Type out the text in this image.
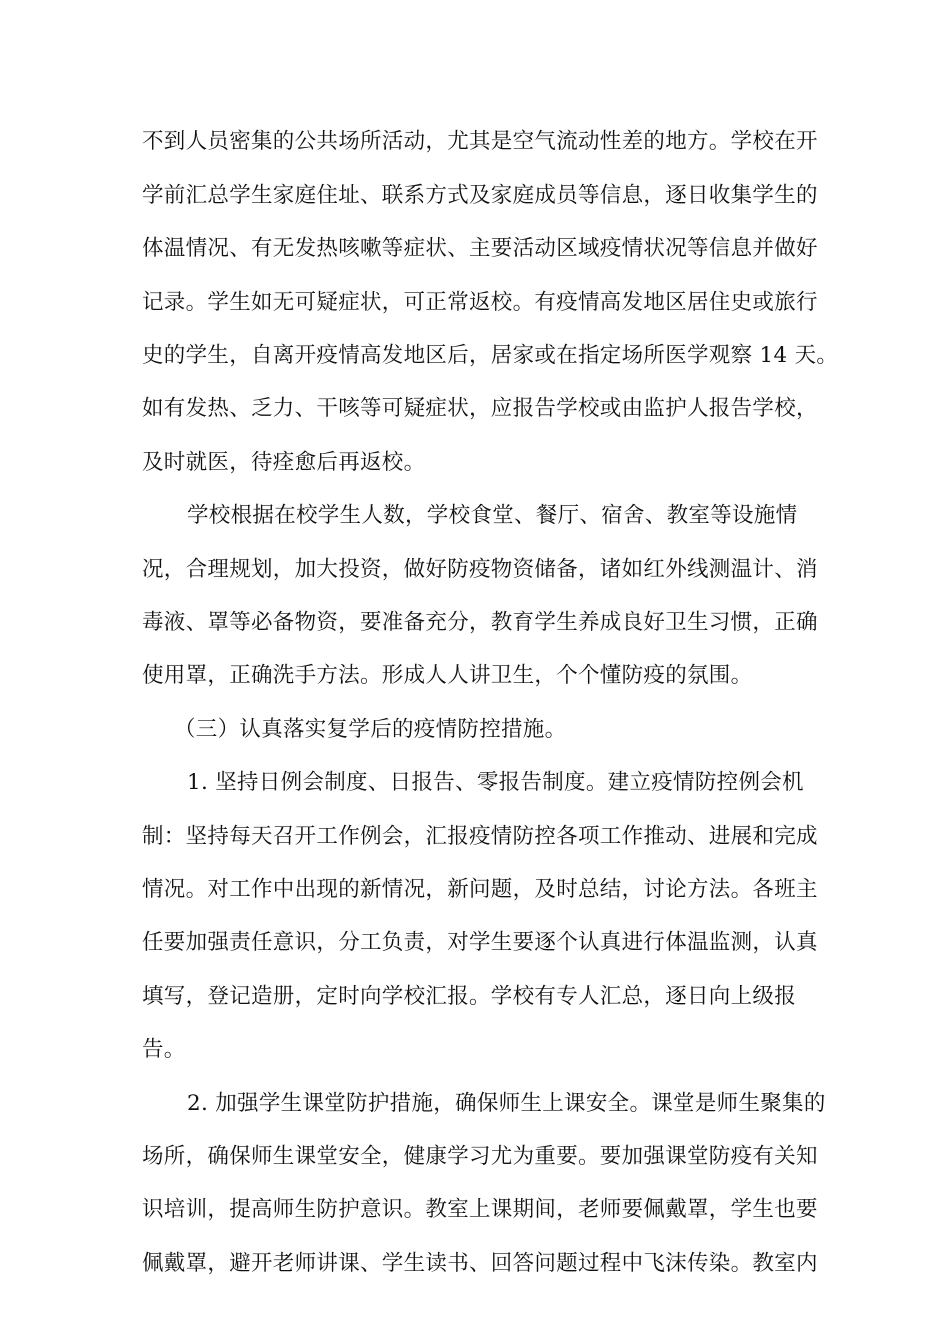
不到人员密集的公共场所活动，尤其是空气流动性差的地方。学校在开
学前汇总学生家庭住址、联系方式及家庭成员等信息，逐日收集学生的
体温情况、有无发热咳嗽等症状、主要活动区域疫情状况等信息并做好
记录。学生如无可疑症状，可正常返校。有疫情高发地区居住史或旅行
史的学生，自离开疫情高发地区后，居家或在指定场所医学观察 14 天。
如有发热、乏力、干咳等可疑症状，应报告学校或由监护人报告学校，
及时就医，待痊愈后再返校。
学校根据在校学生人数，学校食堂、餐厅、宿舍、教室等设施情
况，合理规划，加大投资，做好防疫物资储备，诸如红外线测温计、消
毒液、罩等必备物资，要准备充分，教育学生养成良好卫生习惯，正确
使用罩，正确洗手方法。形成人人讲卫生，个个懂防疫的氛围。
（三）认真落实复学后的疫情防控措施。
1. 坚持日例会制度、日报告、零报告制度。建立疫情防控例会机
制：坚持每天召开工作例会，汇报疫情防控各项工作推动、进展和完成
情况。对工作中出现的新情况，新问题，及时总结，讨论方法。各班主
任要加强责任意识，分工负责，对学生要逐个认真进行体温监测，认真
填写，登记造册，定时向学校汇报。学校有专人汇总，逐日向上级报
告。
2. 加强学生课堂防护措施，确保师生上课安全。课堂是师生聚集的
场所，确保师生课堂安全，健康学习尤为重要。要加强课堂防疫有关知
识培训，提高师生防护意识。教室上课期间，老师要佩戴罩，学生也要
佩戴罩，避开老师讲课、学生读书、回答问题过程中飞沫传染。教室内
